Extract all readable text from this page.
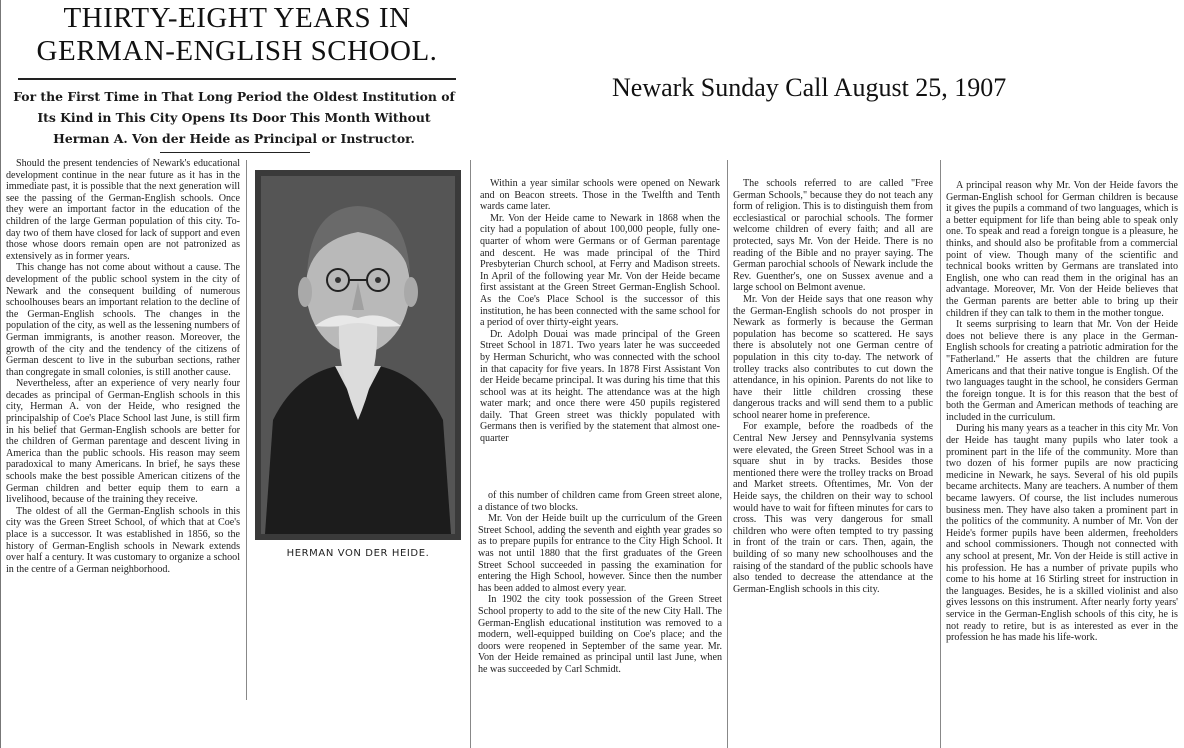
THIRTY-EIGHT YEARS IN
GERMAN-ENGLISH SCHOOL.
For the First Time in That Long Period the Oldest Institution of Its Kind in This City Opens Its Door This Month Without Herman A. Von der Heide as Principal or Instructor.
Newark Sunday Call August 25, 1907

Should the present tendencies of Newark's educational development continue in the near future as it has in the immediate past, it is possible that the next generation will see the passing of the German-English schools. Once they were an important factor in the education of the children of the large German population of this city. To-day two of them have closed for lack of support and even those whose doors remain open are not patronized as extensively as in former years.

This change has not come about without a cause. The development of the public school system in the city of Newark and the consequent building of numerous schoolhouses bears an important relation to the decline of the German-English schools. The changes in the population of the city, as well as the lessening numbers of German immigrants, is another reason. Moreover, the growth of the city and the tendency of the citizens of German descent to live in the suburban sections, rather than congregate in small colonies, is still another cause.

Nevertheless, after an experience of very nearly four decades as principal of German-English schools in this city, Herman A. von der Heide, who resigned the principalship of Coe's Place School last June, is still firm in his belief that German-English schools are better for the children of German parentage and descent living in America than the public schools. His reason may seem paradoxical to many Americans. In brief, he says these schools make the best possible American citizens of the German children and better equip them to earn a livelihood, because of the training they receive.

The oldest of all the German-English schools in this city was the Green Street School, of which that at Coe's place is a successor. It was established in 1856, so the history of German-English schools in Newark extends over half a century. It was customary to organize a school in the centre of a German neighborhood.

HERMAN VON DER HEIDE.

Within a year similar schools were opened on Newark and on Beacon streets. Those in the Twelfth and Tenth wards came later.

Mr. Von der Heide came to Newark in 1868 when the city had a population of about 100,000 people, fully one-quarter of whom were Germans or of German parentage and descent. He was made principal of the Third Presbyterian Church school, at Ferry and Madison streets. In April of the following year Mr. Von der Heide became first assistant at the Green Street German-English School. As the Coe's Place School is the successor of this institution, he has been connected with the same school for a period of over thirty-eight years.

Dr. Adolph Douai was made principal of the Green Street School in 1871. Two years later he was succeeded by Herman Schuricht, who was connected with the school in that capacity for five years. In 1878 First Assistant Von der Heide became principal. It was during his time that this school was at its height. The attendance was at the high water mark; and once there were 450 pupils registered daily. That Green street was thickly populated with Germans then is verified by the statement that almost one-quarter

of this number of children came from Green street alone, a distance of two blocks.

Mr. Von der Heide built up the curriculum of the Green Street School, adding the seventh and eighth year grades so as to prepare pupils for entrance to the City High School. It was not until 1880 that the first graduates of the Green Street School succeeded in passing the examination for entering the High School, however. Since then the number has been added to almost every year.

In 1902 the city took possession of the Green Street School property to add to the site of the new City Hall. The German-English educational institution was removed to a modern, well-equipped building on Coe's place; and the doors were reopened in September of the same year. Mr. Von der Heide remained as principal until last June, when he was succeeded by Carl Schmidt.

The schools referred to are called "Free German Schools," because they do not teach any form of religion. This is to distinguish them from ecclesiastical or parochial schools. The former welcome children of every faith; and all are protected, says Mr. Von der Heide. There is no reading of the Bible and no prayer saying. The German parochial schools of Newark include the Rev. Guenther's, one on Sussex avenue and a large school on Belmont avenue.

Mr. Von der Heide says that one reason why the German-English schools do not prosper in Newark as formerly is because the German population has become so scattered. He says there is absolutely not one German centre of population in this city to-day. The network of trolley tracks also contributes to cut down the attendance, in his opinion. Parents do not like to have their little children crossing these dangerous tracks and will send them to a public school nearer home in preference.

For example, before the roadbeds of the Central New Jersey and Pennsylvania systems were elevated, the Green Street School was in a square shut in by tracks. Besides those mentioned there were the trolley tracks on Broad and Market streets. Oftentimes, Mr. Von der Heide says, the children on their way to school would have to wait for fifteen minutes for cars to cross. This was very dangerous for small children who were often tempted to try passing in front of the train or cars. Then, again, the building of so many new schoolhouses and the raising of the standard of the public schools have also tended to decrease the attendance at the German-English schools in this city.

A principal reason why Mr. Von der Heide favors the German-English school for German children is because it gives the pupils a command of two languages, which is a better equipment for life than being able to speak only one. To speak and read a foreign tongue is a pleasure, he thinks, and should also be profitable from a commercial point of view. Though many of the scientific and technical books written by Germans are translated into English, one who can read them in the original has an advantage. Moreover, Mr. Von der Heide believes that the German parents are better able to bring up their children if they can talk to them in the mother tongue.

It seems surprising to learn that Mr. Von der Heide does not believe there is any place in the German-English schools for creating a patriotic admiration for the "Fatherland." He asserts that the children are future Americans and that their native tongue is English. Of the two languages taught in the school, he considers German the foreign tongue. It is for this reason that the best of both the German and American methods of teaching are included in the curriculum.

During his many years as a teacher in this city Mr. Von der Heide has taught many pupils who later took a prominent part in the life of the community. More than two dozen of his former pupils are now practicing medicine in Newark, he says. Several of his old pupils became architects. Many are teachers. A number of them became lawyers. Of course, the list includes numerous business men. They have also taken a prominent part in the politics of the community. A number of Mr. Von der Heide's former pupils have been aldermen, freeholders and school commissioners. Though not connected with any school at present, Mr. Von der Heide is still active in his profession. He has a number of private pupils who come to his home at 16 Stirling street for instruction in the languages. Besides, he is a skilled violinist and also gives lessons on this instrument. After nearly forty years' service in the German-English schools of this city, he is not ready to retire, but is as interested as ever in the profession he has made his life-work.
